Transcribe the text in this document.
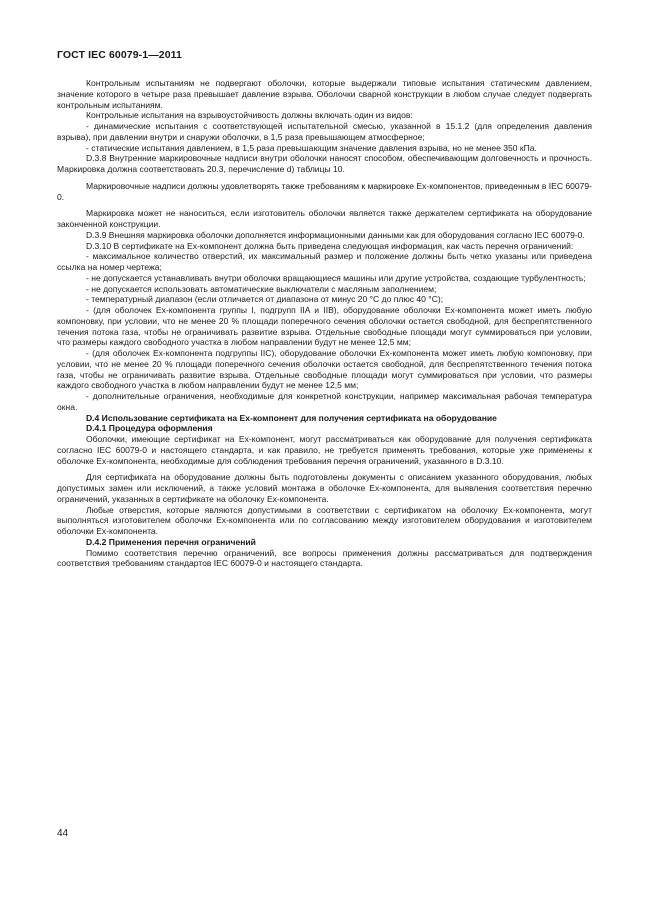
ГОСТ IEC 60079-1—2011

Контрольным испытаниям не подвергают оболочки, которые выдержали типовые испытания статическим давлением, значение которого в четыре раза превышает давление взрыва. Оболочки сварной конструкции в любом случае следует подвергать контрольным испытаниям.

Контрольные испытания на взрывоустойчивость должны включать один из видов:

- динамические испытания с соответствующей испытательной смесью, указанной в 15.1.2 (для определения давления взрыва), при давлении внутри и снаружи оболочки, в 1,5 раза превышающем атмосферное;

- статические испытания давлением, в 1,5 раза превышающим значение давления взрыва, но не менее 350 кПа.

D.3.8 Внутренние маркировочные надписи внутри оболочки наносят способом, обеспечивающим долговечность и прочность. Маркировка должна соответствовать 20.3, перечисление d) таблицы 10.

Маркировочные надписи должны удовлетворять также требованиям к маркировке Ex-компонентов, приведенным в IEC 60079-0.

Маркировка может не наноситься, если изготовитель оболочки является также держателем сертификата на оборудование законченной конструкции.

D.3.9 Внешняя маркировка оболочки дополняется информационными данными как для оборудования согласно IEC 60079-0.

D.3.10 В сертификате на Ex-компонент должна быть приведена следующая информация, как часть перечня ограничений:

- максимальное количество отверстий, их максимальный размер и положение должны быть четко указаны или приведена ссылка на номер чертежа;

- не допускается устанавливать внутри оболочки вращающиеся машины или другие устройства, создающие турбулентность;

- не допускается использовать автоматические выключатели с масляным заполнением;

- температурный диапазон (если отличается от диапазона от минус 20 °С до плюс 40 °С);

- (для оболочек Ex-компонента группы I, подгрупп IIA и IIB), оборудование оболочки Ex-компонента может иметь любую компоновку, при условии, что не менее 20 % площади поперечного сечения оболочки остается свободной, для беспрепятственного течения потока газа, чтобы не ограничивать развитие взрыва. Отдельные свободные площади могут суммироваться при условии, что размеры каждого свободного участка в любом направлении будут не менее 12,5 мм;

- (для оболочек Ex-компонента подгруппы IIC), оборудование оболочки Ex-компонента может иметь любую компоновку, при условии, что не менее 20 % площади поперечного сечения оболочки остается свободной, для беспрепятственного течения потока газа, чтобы не ограничивать развитие взрыва. Отдельные свободные площади могут суммироваться при условии, что размеры каждого свободного участка в любом направлении будут не менее 12,5 мм;

- дополнительные ограничения, необходимые для конкретной конструкции, например максимальная рабочая температура окна.

D.4 Использование сертификата на Ex-компонент для получения сертификата на оборудование

D.4.1 Процедура оформления

Оболочки, имеющие сертификат на Ex-компонент, могут рассматриваться как оборудование для получения сертификата согласно IEC 60079-0 и настоящего стандарта, и как правило, не требуется применять требования, которые уже применены к оболочке Ex-компонента, необходимые для соблюдения требования перечня ограничений, указанного в D.3.10.

Для сертификата на оборудование должны быть подготовлены документы с описанием указанного оборудования, любых допустимых замен или исключений, а также условий монтажа в оболочке Ex-компонента, для выявления соответствия перечню ограничений, указанных в сертификате на оболочку Ex-компонента.

Любые отверстия, которые являются допустимыми в соответствии с сертификатом на оболочку Ex-компонента, могут выполняться изготовителем оболочки Ex-компонента или по согласованию между изготовителем оборудования и изготовителем оболочки Ex-компонента.

D.4.2 Применения перечня ограничений

Помимо соответствия перечню ограничений, все вопросы применения должны рассматриваться для подтверждения соответствия требованиям стандартов IEC 60079-0 и настоящего стандарта.

44
